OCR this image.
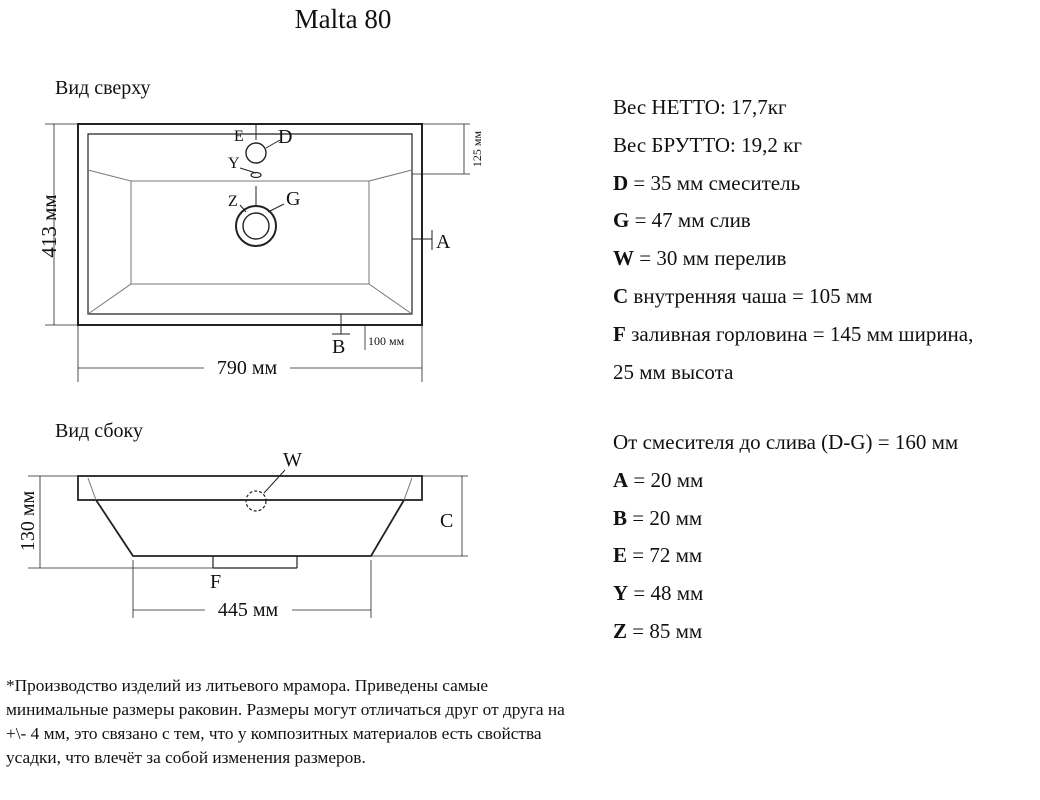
Malta 80
Вид сверху
E D
Y
Z G
A
B
413 мм
790 мм
125 мм
100 мм
Вид сбоку
W
C
F
130 мм
445 мм
Вес НЕТТО: 17,7кг
Вес БРУТТО: 19,2 кг
D = 35 мм смеситель
G = 47 мм слив
W = 30 мм перелив
C внутренняя чаша = 105 мм
F заливная горловина = 145 мм ширина,
25 мм высота
От смесителя до слива (D-G) = 160 мм
A = 20 мм
B = 20 мм
E = 72 мм
Y = 48 мм
Z = 85 мм
*Производство изделий из литьевого мрамора. Приведены самые минимальные размеры раковин. Размеры могут отличаться друг от друга на +\- 4 мм, это связано с тем, что у композитных материалов есть свойства усадки, что влечёт за собой изменения размеров.
